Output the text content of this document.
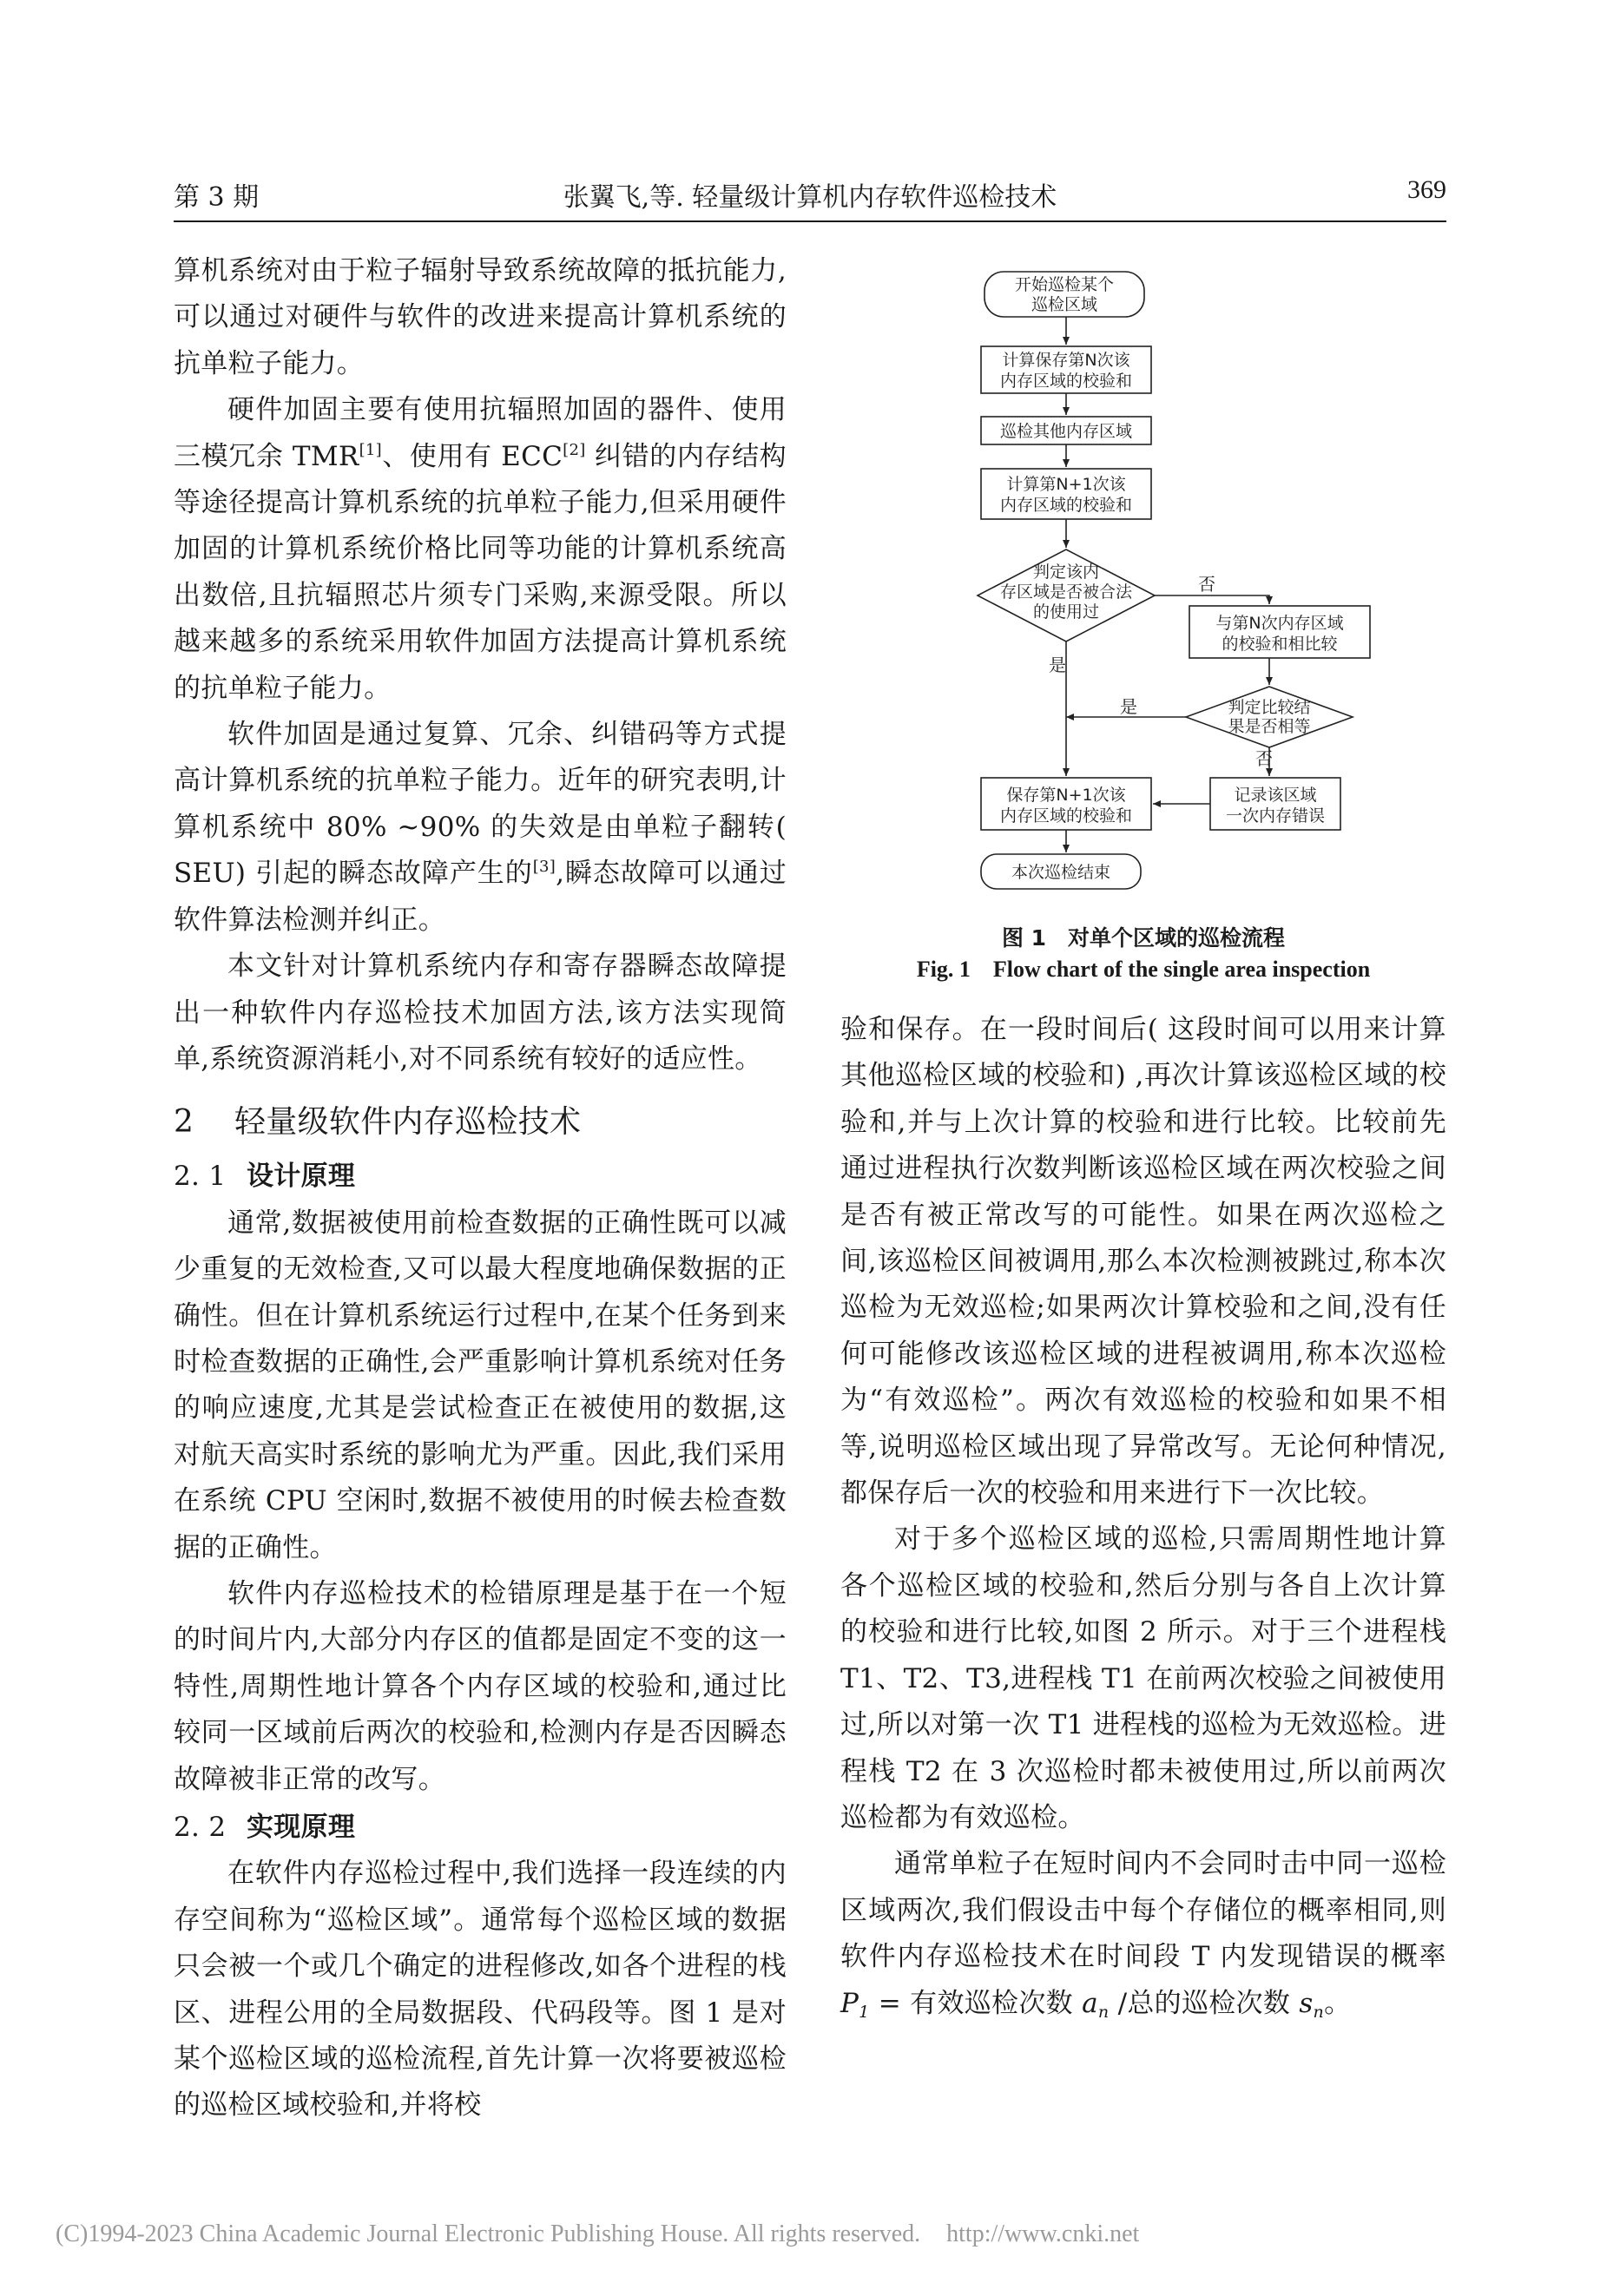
第 3 期	张翼飞,等. 轻量级计算机内存软件巡检技术	369

算机系统对由于粒子辐射导致系统故障的抵抗能力,可以通过对硬件与软件的改进来提高计算机系统的抗单粒子能力。

硬件加固主要有使用抗辐照加固的器件、使用三模冗余 TMR[1]、使用有 ECC[2] 纠错的内存结构等途径提高计算机系统的抗单粒子能力,但采用硬件加固的计算机系统价格比同等功能的计算机系统高出数倍,且抗辐照芯片须专门采购,来源受限。所以越来越多的系统采用软件加固方法提高计算机系统的抗单粒子能力。

软件加固是通过复算、冗余、纠错码等方式提高计算机系统的抗单粒子能力。近年的研究表明,计算机系统中 80% ~90% 的失效是由单粒子翻转( SEU) 引起的瞬态故障产生的[3],瞬态故障可以通过软件算法检测并纠正。

本文针对计算机系统内存和寄存器瞬态故障提出一种软件内存巡检技术加固方法,该方法实现简单,系统资源消耗小,对不同系统有较好的适应性。

2 轻量级软件内存巡检技术
2. 1 设计原理

通常,数据被使用前检查数据的正确性既可以减少重复的无效检查,又可以最大程度地确保数据的正确性。但在计算机系统运行过程中,在某个任务到来时检查数据的正确性,会严重影响计算机系统对任务的响应速度,尤其是尝试检查正在被使用的数据,这对航天高实时系统的影响尤为严重。因此,我们采用在系统 CPU 空闲时,数据不被使用的时候去检查数据的正确性。

软件内存巡检技术的检错原理是基于在一个短的时间片内,大部分内存区的值都是固定不变的这一特性,周期性地计算各个内存区域的校验和,通过比较同一区域前后两次的校验和,检测内存是否因瞬态故障被非正常的改写。

2. 2 实现原理

在软件内存巡检过程中,我们选择一段连续的内存空间称为“巡检区域”。通常每个巡检区域的数据只会被一个或几个确定的进程修改,如各个进程的栈区、进程公用的全局数据段、代码段等。图 1 是对某个巡检区域的巡检流程,首先计算一次将要被巡检的巡检区域校验和,并将校

开始巡检某个
巡检区域
计算保存第N次该
内存区域的校验和
巡检其他内存区域
计算第N+1次该
内存区域的校验和
判定该内
存区域是否被合法
的使用过
与第N次内存区域
的校验和相比较
判定比较结
果是否相等
记录该区域
一次内存错误
保存第N+1次该
内存区域的校验和
本次巡检结束
否
是
是
否
图 1　对单个区域的巡检流程
Fig. 1　Flow chart of the single area inspection

验和保存。在一段时间后( 这段时间可以用来计算其他巡检区域的校验和) ,再次计算该巡检区域的校验和,并与上次计算的校验和进行比较。比较前先通过进程执行次数判断该巡检区域在两次校验之间是否有被正常改写的可能性。如果在两次巡检之间,该巡检区间被调用,那么本次检测被跳过,称本次巡检为无效巡检;如果两次计算校验和之间,没有任何可能修改该巡检区域的进程被调用,称本次巡检为“有效巡检”。两次有效巡检的校验和如果不相等,说明巡检区域出现了异常改写。无论何种情况,都保存后一次的校验和用来进行下一次比较。

对于多个巡检区域的巡检,只需周期性地计算各个巡检区域的校验和,然后分别与各自上次计算的校验和进行比较,如图 2 所示。对于三个进程栈 T1、T2、T3,进程栈 T1 在前两次校验之间被使用过,所以对第一次 T1 进程栈的巡检为无效巡检。进程栈 T2 在 3 次巡检时都未被使用过,所以前两次巡检都为有效巡检。

通常单粒子在短时间内不会同时击中同一巡检区域两次,我们假设击中每个存储位的概率相同,则软件内存巡检技术在时间段 T 内发现错误的概率 $P_1$ = 有效巡检次数 $a_n$ /总的巡检次数 $s_n$。

(C)1994-2023 China Academic Journal Electronic Publishing House. All rights reserved. http://www.cnki.net
